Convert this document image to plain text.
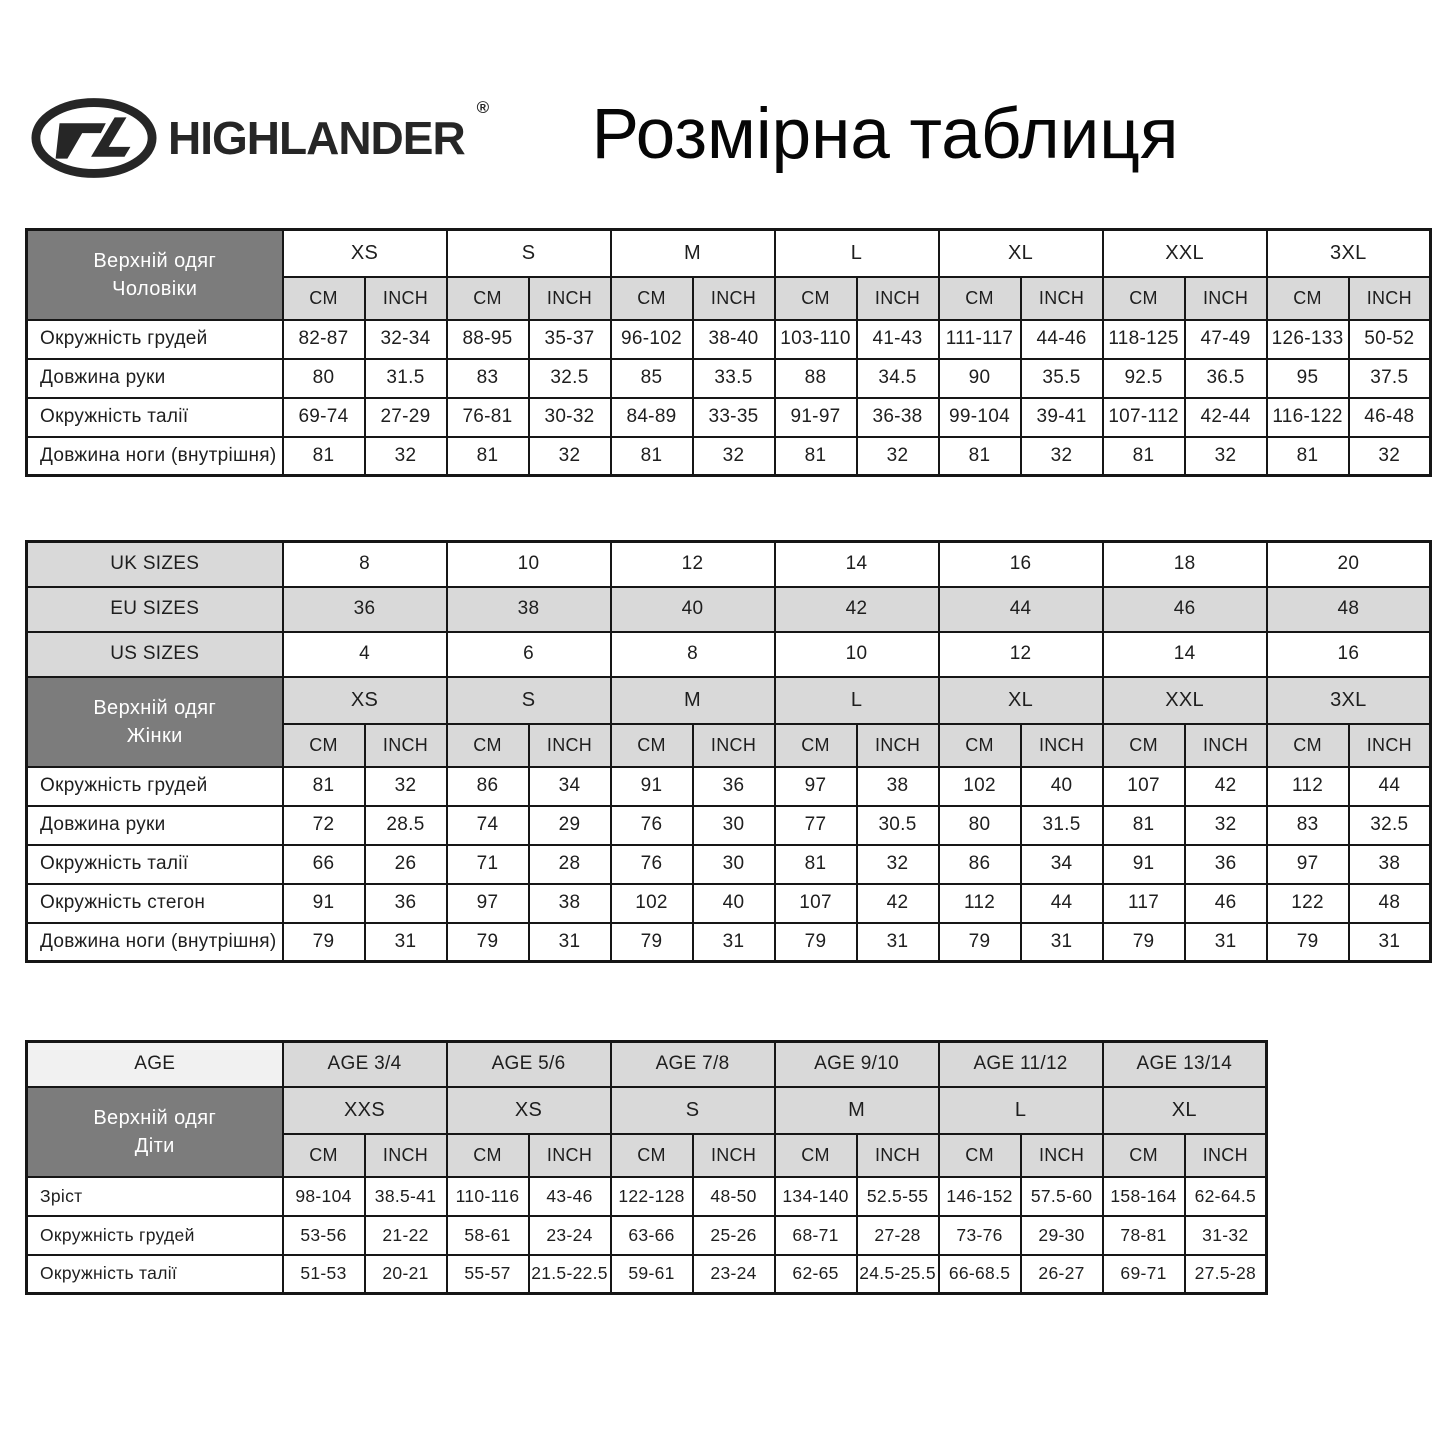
HIGHLANDER
®	Розмірна таблиця
Верхній одяг
Чоловіки	XS		S		M		L		XL		XXL		3XL	
	CM	INCH	CM	INCH	CM	INCH	CM	INCH	CM	INCH	CM	INCH	CM	INCH
Окружність грудей	82-87	32-34	88-95	35-37	96-102	38-40	103-110	41-43	111-117	44-46	118-125	47-49	126-133	50-52
Довжина руки	80	31.5	83	32.5	85	33.5	88	34.5	90	35.5	92.5	36.5	95	37.5
Окружність талії	69-74	27-29	76-81	30-32	84-89	33-35	91-97	36-38	99-104	39-41	107-112	42-44	116-122	46-48
Довжина ноги (внутрішня)	81	32	81	32	81	32	81	32	81	32	81	32	81	32
UK SIZES	8		10		12		14		16		18		20	
EU SIZES	36		38		40		42		44		46		48	
US SIZES	4		6		8		10		12		14		16	

Верхній одяг
Жінки	XS		S		M		L		XL		XXL		3XL	
	CM	INCH	CM	INCH	CM	INCH	CM	INCH	CM	INCH	CM	INCH	CM	INCH
Окружність грудей	81	32	86	34	91	36	97	38	102	40	107	42	112	44
Довжина руки	72	28.5	74	29	76	30	77	30.5	80	31.5	81	32	83	32.5
Окружність талії	66	26	71	28	76	30	81	32	86	34	91	36	97	38
Окружність стегон	91	36	97	38	102	40	107	42	112	44	117	46	122	48
Довжина ноги (внутрішня)	79	31	79	31	79	31	79	31	79	31	79	31	79	31
AGE	AGE 3/4		AGE 5/6		AGE 7/8		AGE 9/10		AGE 11/12		AGE 13/14	

Верхній одяг
Діти	XXS		XS		S		M		L		XL	
	CM	INCH	CM	INCH	CM	INCH	CM	INCH	CM	INCH	CM	INCH
Зріст	98-104	38.5-41	110-116	43-46	122-128	48-50	134-140	52.5-55	146-152	57.5-60	158-164	62-64.5
Окружність грудей	53-56	21-22	58-61	23-24	63-66	25-26	68-71	27-28	73-76	29-30	78-81	31-32
Окружність талії	51-53	20-21	55-57	21.5-22.5	59-61	23-24	62-65	24.5-25.5	66-68.5	26-27	69-71	27.5-28
